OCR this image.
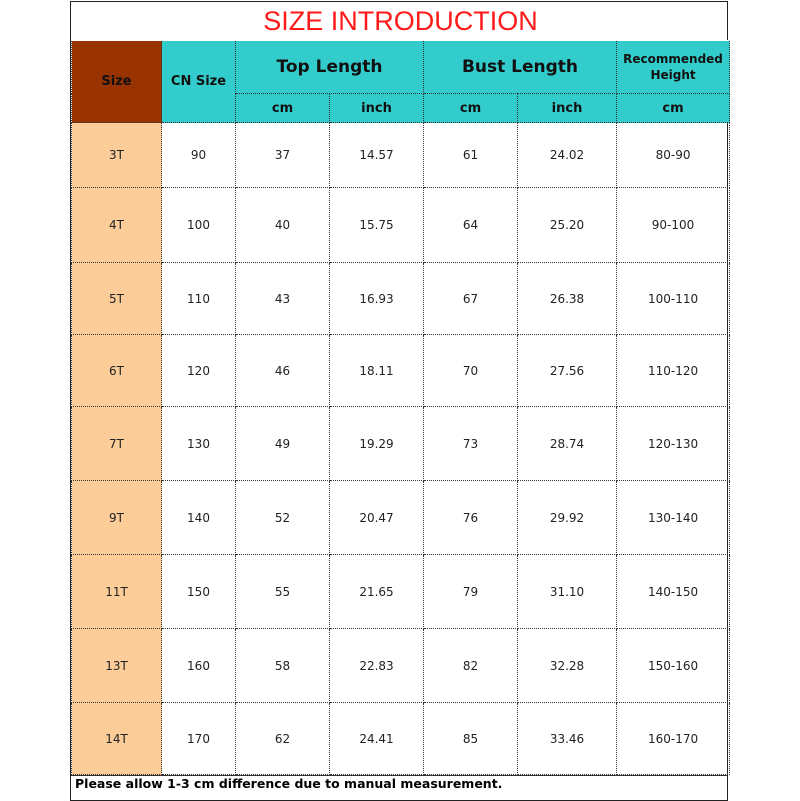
SIZE INTRODUCTION						
Size	CN Size	Top Length		Bust Length		Recommended Height
		cm	inch	cm	inch	cm
3T	90	37	14.57	61	24.02	80-90
4T	100	40	15.75	64	25.20	90-100
5T	110	43	16.93	67	26.38	100-110
6T	120	46	18.11	70	27.56	110-120
7T	130	49	19.29	73	28.74	120-130
9T	140	52	20.47	76	29.92	130-140
11T	150	55	21.65	79	31.10	140-150
13T	160	58	22.83	82	32.28	150-160
14T	170	62	24.41	85	33.46	160-170
Please allow 1-3 cm difference due to manual measurement.
